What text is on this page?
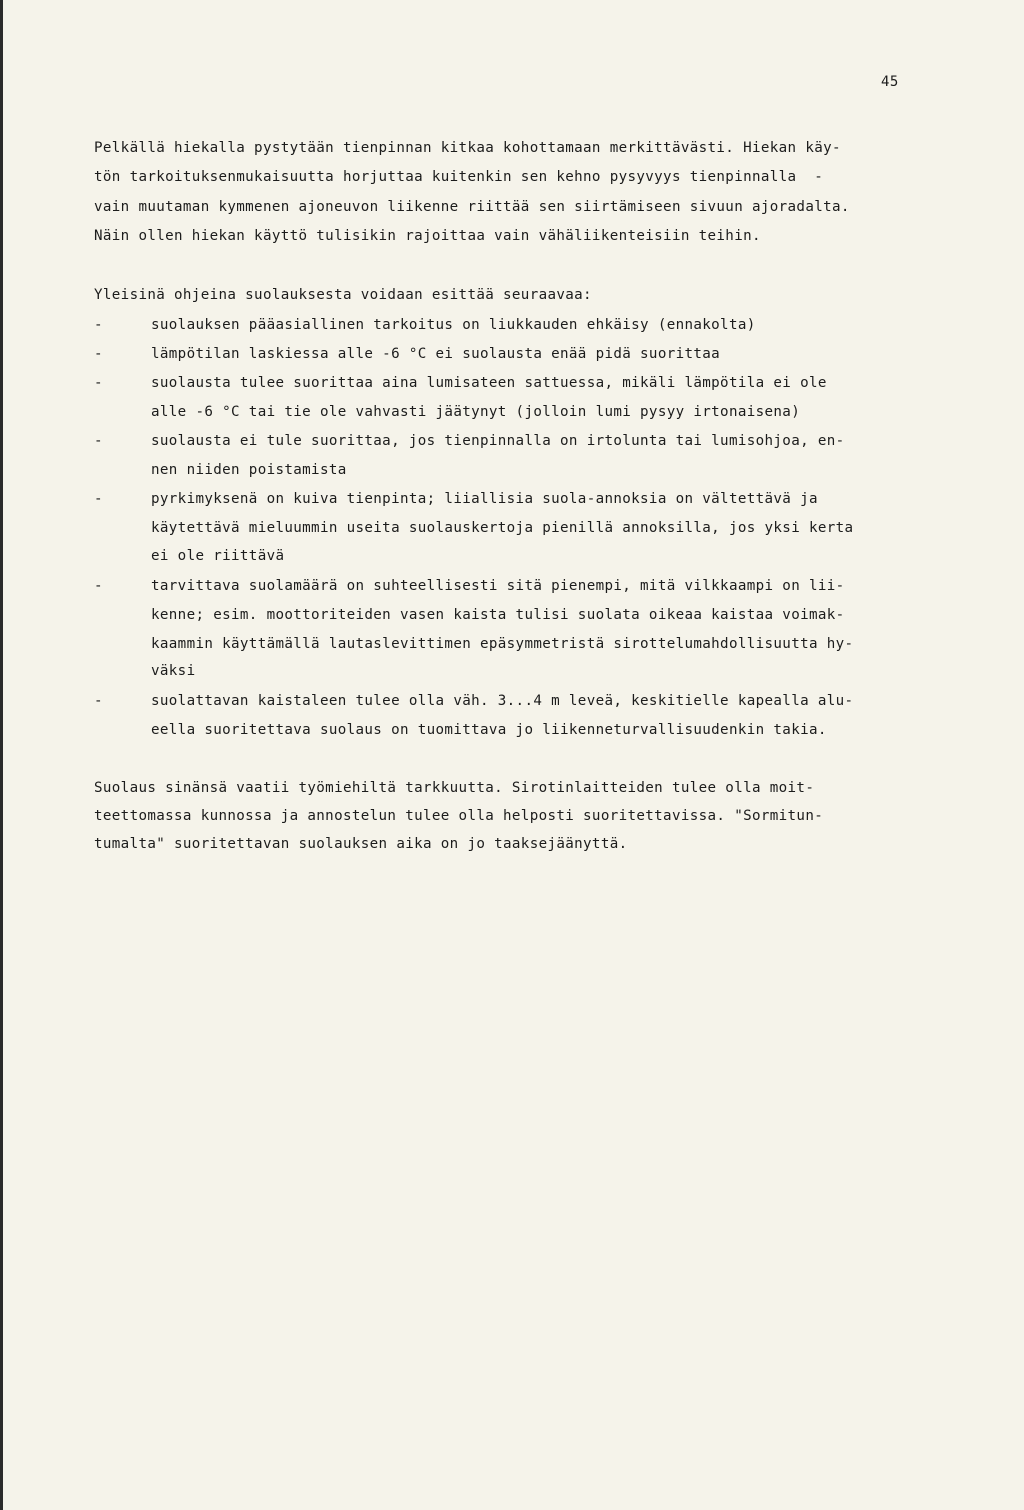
45
Pelkällä hiekalla pystytään tienpinnan kitkaa kohottamaan merkittävästi. Hiekan käy-
tön tarkoituksenmukaisuutta horjuttaa kuitenkin sen kehno pysyvyys tienpinnalla  -
vain muutaman kymmenen ajoneuvon liikenne riittää sen siirtämiseen sivuun ajoradalta.
Näin ollen hiekan käyttö tulisikin rajoittaa vain vähäliikenteisiin teihin.
Yleisinä ohjeina suolauksesta voidaan esittää seuraavaa:
-	suolauksen pääasiallinen tarkoitus on liukkauden ehkäisy (ennakolta)
-	lämpötilan laskiessa alle -6 °C ei suolausta enää pidä suorittaa
-	suolausta tulee suorittaa aina lumisateen sattuessa, mikäli lämpötila ei ole
alle -6 °C tai tie ole vahvasti jäätynyt (jolloin lumi pysyy irtonaisena)
-	suolausta ei tule suorittaa, jos tienpinnalla on irtolunta tai lumisohjoa, en-
nen niiden poistamista
-	pyrkimyksenä on kuiva tienpinta; liiallisia suola-annoksia on vältettävä ja
käytettävä mieluummin useita suolauskertoja pienillä annoksilla, jos yksi kerta
ei ole riittävä
-	tarvittava suolamäärä on suhteellisesti sitä pienempi, mitä vilkkaampi on lii-
kenne; esim. moottoriteiden vasen kaista tulisi suolata oikeaa kaistaa voimak-
kaammin käyttämällä lautaslevittimen epäsymmetristä sirottelumahdollisuutta hy-
väksi
-	suolattavan kaistaleen tulee olla väh. 3...4 m leveä, keskitielle kapealla alu-
eella suoritettava suolaus on tuomittava jo liikenneturvallisuudenkin takia.
Suolaus sinänsä vaatii työmiehiltä tarkkuutta. Sirotinlaitteiden tulee olla moit-
teettomassa kunnossa ja annostelun tulee olla helposti suoritettavissa. "Sormitun-
tumalta" suoritettavan suolauksen aika on jo taaksejäänyttä.
